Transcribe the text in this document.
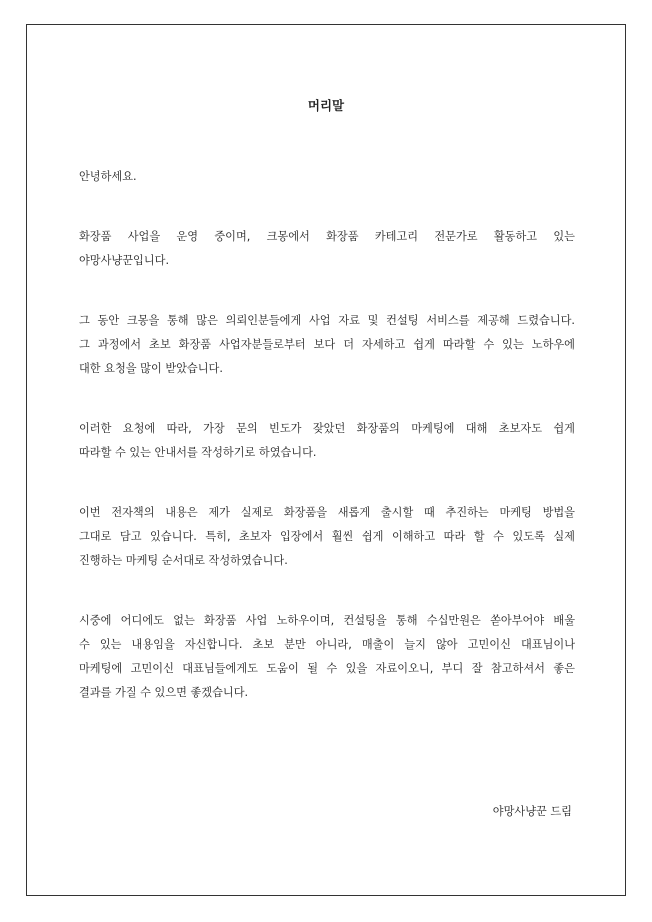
머리말

안녕하세요.

화장품 사업을 운영 중이며, 크몽에서 화장품 카테고리 전문가로 활동하고 있는
야망사냥꾼입니다.

그 동안 크몽을 통해 많은 의뢰인분들에게 사업 자료 및 컨설팅 서비스를 제공해 드렸습니다.
그 과정에서 초보 화장품 사업자분들로부터 보다 더 자세하고 쉽게 따라할 수 있는 노하우에
대한 요청을 많이 받았습니다.

이러한 요청에 따라, 가장 문의 빈도가 잦았던 화장품의 마케팅에 대해 초보자도 쉽게
따라할 수 있는 안내서를 작성하기로 하였습니다.

이번 전자책의 내용은 제가 실제로 화장품을 새롭게 출시할 때 추진하는 마케팅 방법을
그대로 담고 있습니다. 특히, 초보자 입장에서 훨씬 쉽게 이해하고 따라 할 수 있도록 실제
진행하는 마케팅 순서대로 작성하였습니다.

시중에 어디에도 없는 화장품 사업 노하우이며, 컨설팅을 통해 수십만원은 쏟아부어야 배울
수 있는 내용임을 자신합니다. 초보 분만 아니라, 매출이 늘지 않아 고민이신 대표님이나
마케팅에 고민이신 대표님들에게도 도움이 될 수 있을 자료이오니, 부디 잘 참고하셔서 좋은
결과를 가질 수 있으면 좋겠습니다.

야망사냥꾼 드림
